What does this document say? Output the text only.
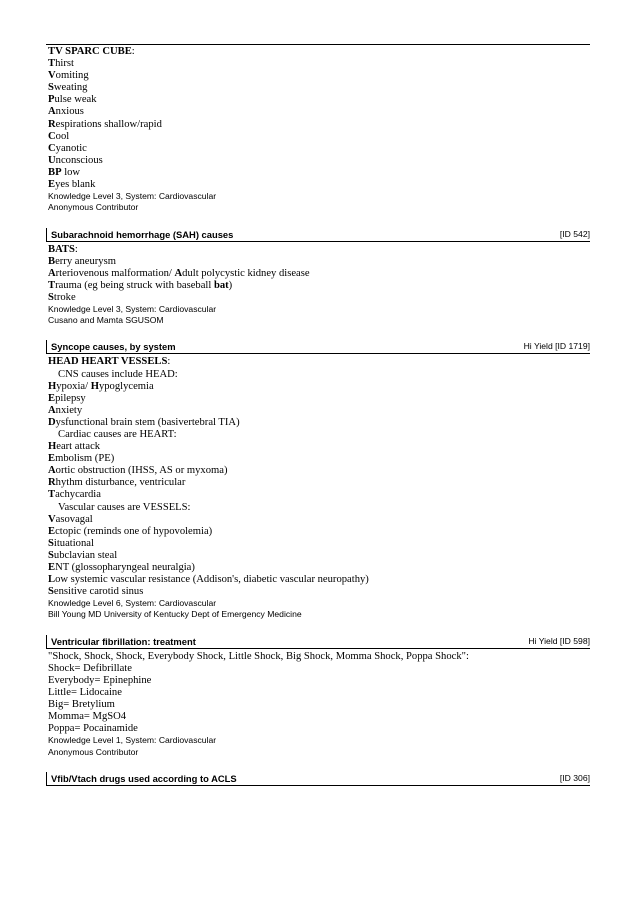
TV SPARC CUBE:
Thirst
Vomiting
Sweating
Pulse weak
Anxious
Respirations shallow/rapid
Cool
Cyanotic
Unconscious
BP low
Eyes blank
Knowledge Level 3, System: Cardiovascular
Anonymous Contributor
Subarachnoid hemorrhage (SAH) causes	[ID 542]
BATS:
Berry aneurysm
Arteriovenous malformation/ Adult polycystic kidney disease
Trauma (eg being struck with baseball bat)
Stroke
Knowledge Level 3, System: Cardiovascular
Cusano and Mamta SGUSOM
Syncope causes, by system	Hi Yield [ID 1719]
HEAD HEART VESSELS:
CNS causes include HEAD:
Hypoxia/ Hypoglycemia
Epilepsy
Anxiety
Dysfunctional brain stem (basivertebral TIA)
Cardiac causes are HEART:
Heart attack
Embolism (PE)
Aortic obstruction (IHSS, AS or myxoma)
Rhythm disturbance, ventricular
Tachycardia
Vascular causes are VESSELS:
Vasovagal
Ectopic (reminds one of hypovolemia)
Situational
Subclavian steal
ENT (glossopharyngeal neuralgia)
Low systemic vascular resistance (Addison's, diabetic vascular neuropathy)
Sensitive carotid sinus
Knowledge Level 6, System: Cardiovascular
Bill Young MD University of Kentucky Dept of Emergency Medicine
Ventricular fibrillation: treatment	Hi Yield [ID 598]
"Shock, Shock, Shock, Everybody Shock, Little Shock, Big Shock, Momma Shock, Poppa Shock":
Shock= Defibrillate
Everybody= Epinephine
Little= Lidocaine
Big= Bretylium
Momma= MgSO4
Poppa= Pocainamide
Knowledge Level 1, System: Cardiovascular
Anonymous Contributor
Vfib/Vtach drugs used according to ACLS	[ID 306]
